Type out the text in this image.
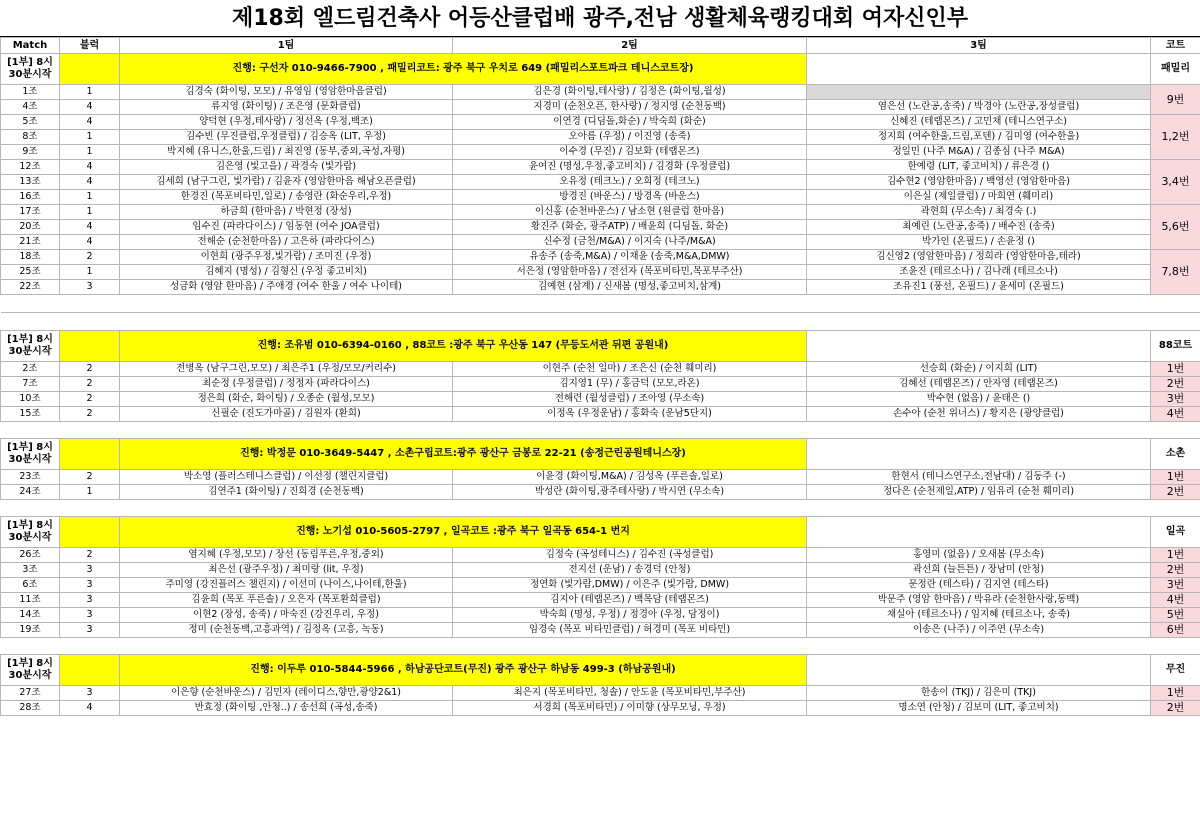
제18회 엘드림건축사 어등산클럽배 광주,전남 생활체육랭킹대회 여자신인부
Match	블럭	1팀	2팀	3팀	코트
[1부] 8시 30분시작		진행: 구선자 010-9466-7900 , 패밀리코트: 광주 북구 우치로 649 (패밀리스포트파크 테니스코트장)			패밀리
1조	1	김경숙 (화이팅, 모모) / 유영임 (영암한마음클럽)	김은경 (화이팅,테사랑) / 김정은 (화이팅,월성)		9번
4조	4	류지영 (화이팅) / 조은영 (문화클럽)	지경미 (순천오픈, 한사랑) / 정지영 (순천동백)	염은선 (노란공,송죽) / 박경아 (노란공,장성클럽)	
5조	4	양덕현 (우정,테사랑) / 정선옥 (우정,백조)	이연경 (디딤돌,화순) / 박숙희 (화순)	신혜진 (테랩몬즈) / 고민채 (테니스연구소)	1,2번
8조	1	김수빈 (무진클럽,우정클럽) / 김승옥 (LIT, 우정)	오아름 (우정) / 이진영 (송죽)	정지희 (여수한울,드림,포텐) / 김미영 (여수한울)	
9조	1	박지혜 (유니스,한울,드림) / 최진영 (동부,중외,곡성,자평)	이수경 (무진) / 김보화 (테랩몬즈)	정일민 (나주 M&A) / 김종심 (나주 M&A)	
12조	4	김은영 (빛고을) / 곽경숙 (빛가람)	윤여진 (명성,우정,좋고비치) / 김경화 (우정클럽)	한예령 (LIT, 좋고비치) / 류은경 ()	3,4번
13조	4	김세희 (남구그린, 빛가람) / 김윤자 (영암한마음 해남오픈클럽)	오유정 (테크노) / 오희정 (테크노)	김수현2 (영암한마음) / 백영선 (영암한마음)	
16조	1	한경진 (목포비타민,일로) / 송영란 (화순우리,우정)	방경진 (바운스) / 방경옥 (바운스)	이은실 (제일클럽) / 마희연 (훼미리)	
17조	1	하금희 (한마음) / 박현정 (장성)	이신홍 (순천바운스) / 남소현 (원클럽 한마음)	곽현희 (무소속) / 최경숙 (.)	5,6번
20조	4	임수진 (파라다이스) / 임동현 (여수 JOA클럽)	황진주 (화순, 광주ATP) / 배윤희 (디딤돌, 화순)	최예린 (노란공,송죽) / 배수진 (송죽)	
21조	4	전해순 (순천한마음) / 고은하 (파라다이스)	신수정 (금천/M&A) / 이지숙 (나주/M&A)	박가인 (온필드) / 손윤정 ()	
18조	2	이현희 (광주우정,빛가람) / 조미진 (우정)	유송주 (송죽,M&A) / 이채윤 (송죽,M&A,DMW)	김신영2 (영암한마음) / 정희라 (영암한마음,테라)	7,8번
25조	1	김혜지 (명성) / 김형신 (우정 좋고비치)	서은정 (영암한마음) / 전선자 (목포비타민,목포부주산)	조윤진 (테르소나) / 김나래 (테르소나)	
22조	3	성금화 (영암 한마음) / 주애경 (여수 한울 / 여수 나이테)	김예현 (삼계) / 신새봄 (명성,좋고비치,삼계)	조유진1 (풍선, 온필드) / 윤세미 (온필드)	

[1부] 8시 30분시작		진행: 조유범 010-6394-0160 , 88코트 :광주 북구 우산동 147 (무등도서관 뒤편 공원내)			88코트
2조	2	전병옥 (남구그린,모모) / 최은주1 (우정/모모/커리수)	이현주 (순천 일마) / 조은신 (순천 훼미리)	선승희 (화순) / 이지희 (LIT)	1번
7조	2	최순정 (우정클럽) / 정정자 (파라다이스)	김지영1 (무) / 홍금덕 (모모,라온)	김혜선 (테랩몬즈) / 안자영 (테랩몬즈)	2번
10조	2	정은희 (화순, 화이팅) / 오종순 (월성,모모)	전해련 (월성클럽) / 조아영 (무소속)	박수현 (없음) / 윤태은 ()	3번
15조	2	신필순 (진도가마골) / 김원자 (환희)	이정옥 (우정운남) / 홍화숙 (운남5단지)	손수아 (순천 위너스) / 황지은 (광양클럽)	4번

[1부] 8시 30분시작		진행: 박정문 010-3649-5447 , 소촌구립코트:광주 광산구 금봉로 22-21 (송정근린공원테니스장)			소촌
23조	2	박소영 (플러스테니스클럽) / 이선정 (챌린지클럽)	이윤경 (화이팅,M&A) / 김성옥 (푸른솔,일로)	한현서 (테니스연구소,전남대) / 김동주 (-)	1번
24조	1	김연주1 (화이팅) / 진희경 (순천동백)	박성란 (화이팅,광주테사랑) / 박시연 (무소속)	정다은 (순천제일,ATP) / 임유리 (순천 훼미리)	2번

[1부] 8시 30분시작		진행: 노기섭 010-5605-2797 , 일곡코트 :광주 북구 일곡동 654-1 번지			일곡
26조	2	염지혜 (우정,모모) / 장선 (동림푸른,우정,중외)	김정숙 (곡성테니스) / 김수진 (곡성클럽)	홍영미 (없음) / 오새봄 (무소속)	1번
3조	3	최은선 (광주우정) / 최미랑 (lit, 우정)	전지선 (운남) / 송경덕 (안청)	곽선희 (늘튼튼) / 장남미 (안청)	2번
6조	3	주미영 (강진플러스 챌린지) / 이선미 (나이스,나이테,한울)	정연화 (빛가람,DMW) / 이은주 (빛가람, DMW)	문정란 (테스타) / 김지연 (테스타)	3번
11조	3	김윤희 (목포 푸른솔) / 오은자 (목포환희클럽)	김지아 (테랩몬즈) / 백목담 (테랩몬즈)	박문주 (영암 한마음) / 박유라 (순천한사랑,동백)	4번
14조	3	이현2 (장성, 송죽) / 마숙진 (강진우리, 우정)	박숙희 (명성, 우정) / 정경아 (우정, 담정이)	채실아 (테르소나) / 임지혜 (테르소나, 송죽)	5번
19조	3	정미 (순천동백,고흥과역) / 김정옥 (고흥, 녹동)	임경숙 (목포 비타민클럽) / 허경미 (목포 비타민)	이송은 (나주) / 이주연 (무소속)	6번

[1부] 8시 30분시작		진행: 이두루 010-5844-5966 , 하남공단코트(무진) 광주 광산구 하남동 499-3 (하남공원내)			무진
27조	3	이은향 (순천바운스) / 김민자 (레이디스,향만,광양2&1)	최은지 (목포비타민, 청솔) / 안도윤 (목포비타민,부주산)	한송이 (TKJ) / 김은미 (TKJ)	1번
28조	4	반효정 (화이팅 ,안청..) / 송선희 (곡성,송죽)	서경희 (목포비타민) / 이미향 (상무모닝, 우정)	명소연 (안청) / 김보미 (LIT, 좋고비치)	2번
